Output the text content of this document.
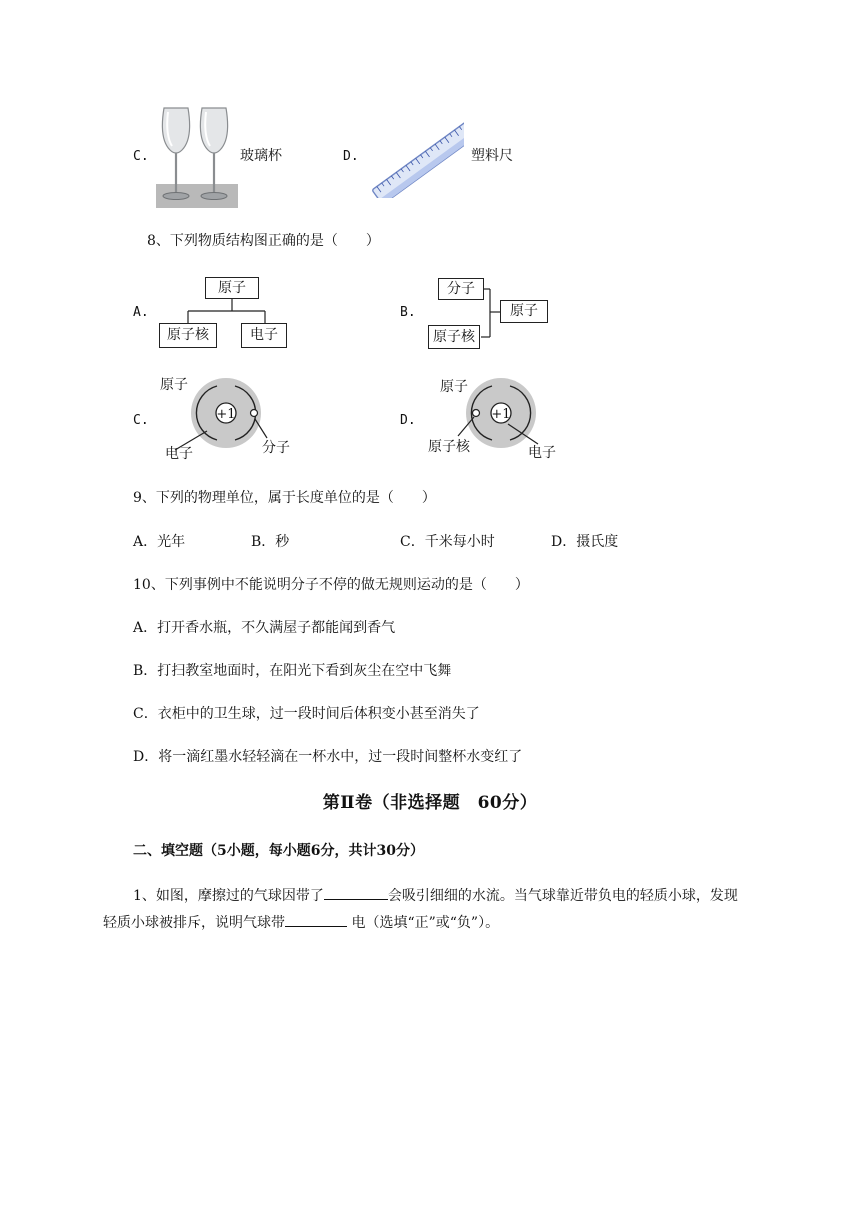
C.	玻璃杯	D.	塑料尺
8、下列物质结构图正确的是（　　）
A.
原子
原子核	电子
B.
分子
原子核
原子
C.	+1
原子
电子	分子
D.	+1
原子
原子核	电子
9、下列的物理单位，属于长度单位的是（　　）
A．光年	B．秒	C．千米每小时	D．摄氏度
10、下列事例中不能说明分子不停的做无规则运动的是（　　）
A．打开香水瓶，不久满屋子都能闻到香气
B．打扫教室地面时，在阳光下看到灰尘在空中飞舞
C．衣柜中的卫生球，过一段时间后体积变小甚至消失了
D．将一滴红墨水轻轻滴在一杯水中，过一段时间整杯水变红了
第Ⅱ卷（非选择题　60分）
二、填空题（5小题，每小题6分，共计30分）
1、如图，摩擦过的气球因带了	会吸引细细的水流。当气球靠近带负电的轻质小球，发现
轻质小球被排斥，说明气球带	电（选填“正”或“负”）。
